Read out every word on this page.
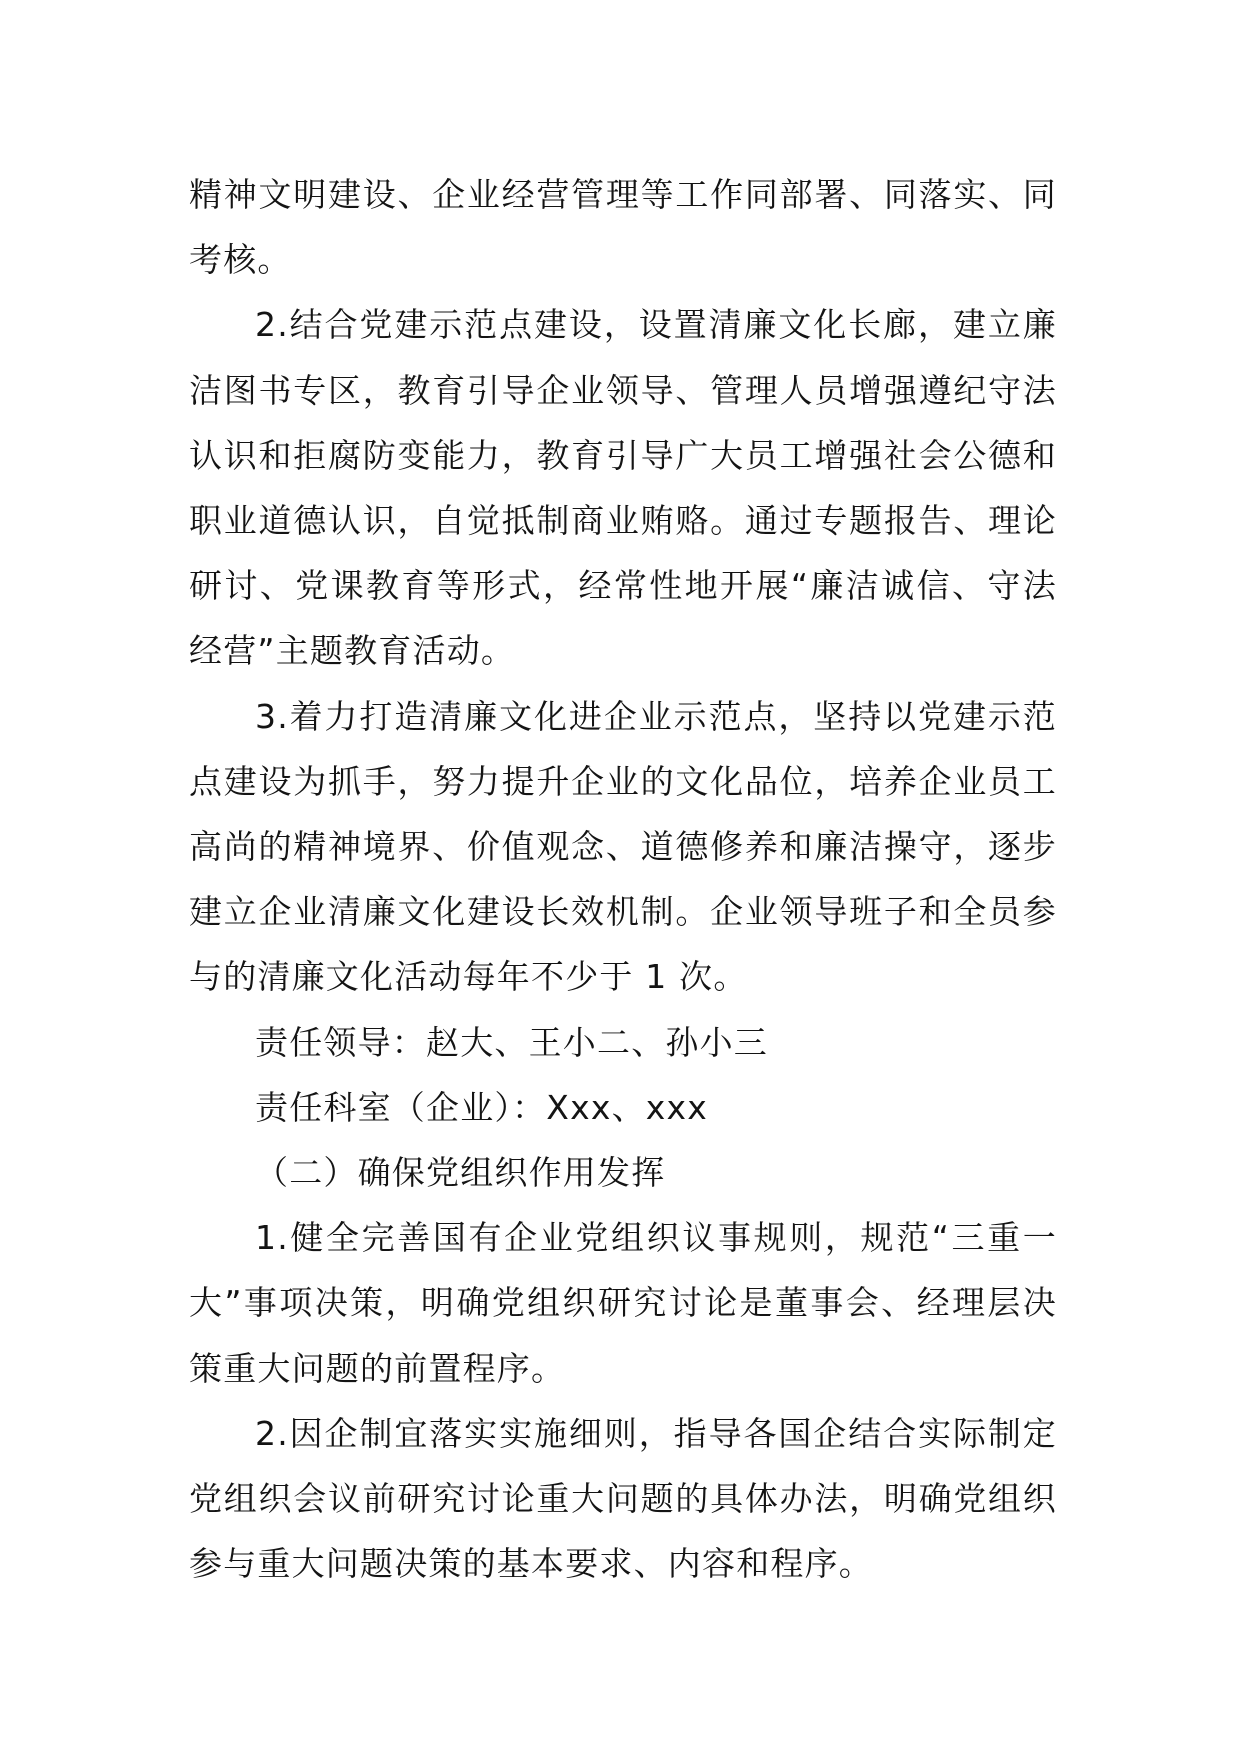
精神文明建设、企业经营管理等工作同部署、同落实、同
考核。

2.结合党建示范点建设，设置清廉文化长廊，建立廉
洁图书专区，教育引导企业领导、管理人员增强遵纪守法
认识和拒腐防变能力，教育引导广大员工增强社会公德和
职业道德认识，自觉抵制商业贿赂。通过专题报告、理论
研讨、党课教育等形式，经常性地开展“廉洁诚信、守法
经营”主题教育活动。

3.着力打造清廉文化进企业示范点，坚持以党建示范
点建设为抓手，努力提升企业的文化品位，培养企业员工
高尚的精神境界、价值观念、道德修养和廉洁操守，逐步
建立企业清廉文化建设长效机制。企业领导班子和全员参
与的清廉文化活动每年不少于 1 次。

责任领导：赵大、王小二、孙小三

责任科室（企业）：Xxx、xxx

（二）确保党组织作用发挥

1.健全完善国有企业党组织议事规则，规范“三重一
大”事项决策，明确党组织研究讨论是董事会、经理层决
策重大问题的前置程序。

2.因企制宜落实实施细则，指导各国企结合实际制定
党组织会议前研究讨论重大问题的具体办法，明确党组织
参与重大问题决策的基本要求、内容和程序。
